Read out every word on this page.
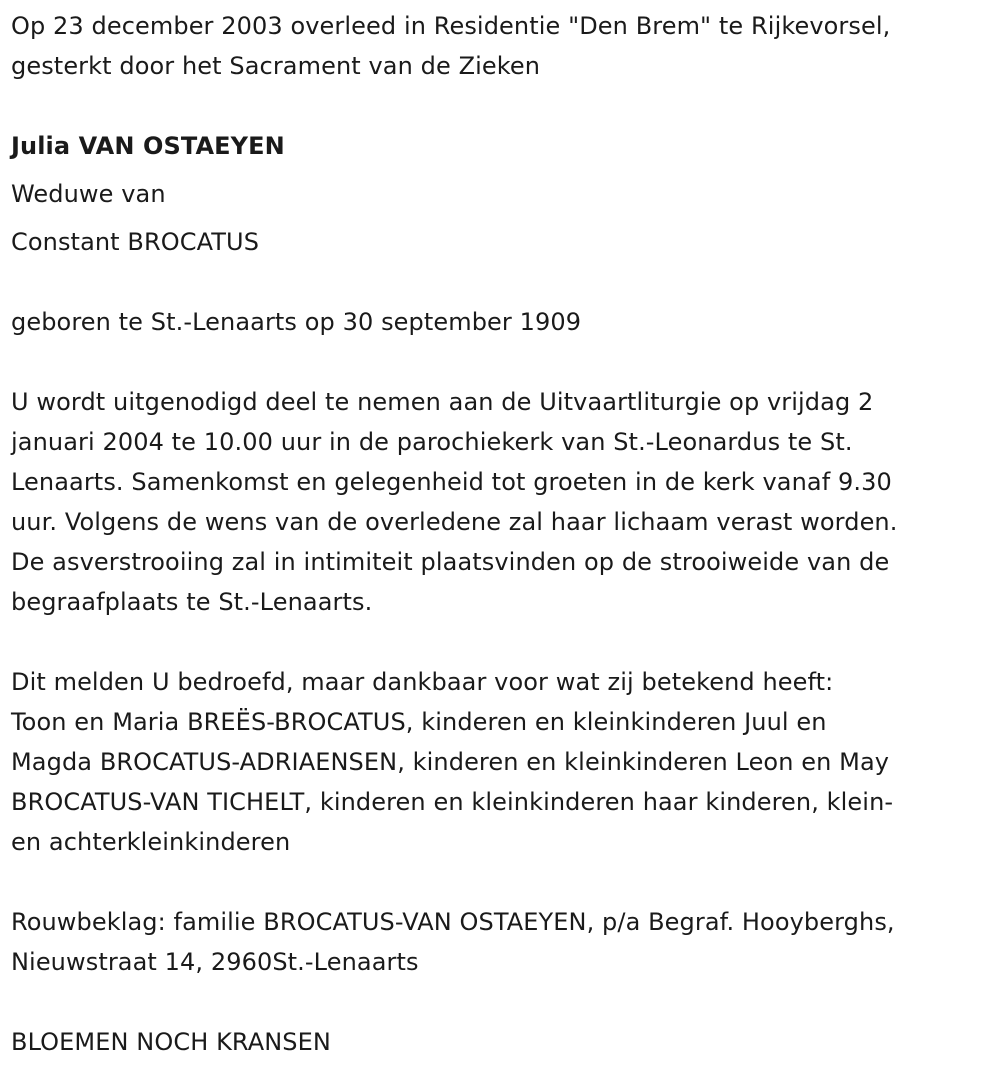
Op 23 december 2003 overleed in Residentie "Den Brem" te Rijkevorsel,
gesterkt door het Sacrament van de Zieken
Julia VAN OSTAEYEN
Weduwe van
Constant BROCATUS
geboren te St.-Lenaarts op 30 september 1909
U wordt uitgenodigd deel te nemen aan de Uitvaartliturgie op vrijdag 2
januari 2004 te 10.00 uur in de parochiekerk van St.-Leonardus te St.
Lenaarts. Samenkomst en gelegenheid tot groeten in de kerk vanaf 9.30
uur. Volgens de wens van de overledene zal haar lichaam verast worden.
De asverstrooiing zal in intimiteit plaatsvinden op de strooiweide van de
begraafplaats te St.-Lenaarts.
Dit melden U bedroefd, maar dankbaar voor wat zij betekend heeft:
Toon en Maria BREËS-BROCATUS, kinderen en kleinkinderen Juul en
Magda BROCATUS-ADRIAENSEN, kinderen en kleinkinderen Leon en May
BROCATUS-VAN TICHELT, kinderen en kleinkinderen haar kinderen, klein-
en achterkleinkinderen
Rouwbeklag: familie BROCATUS-VAN OSTAEYEN, p/a Begraf. Hooyberghs,
Nieuwstraat 14, 2960St.-Lenaarts
BLOEMEN NOCH KRANSEN
